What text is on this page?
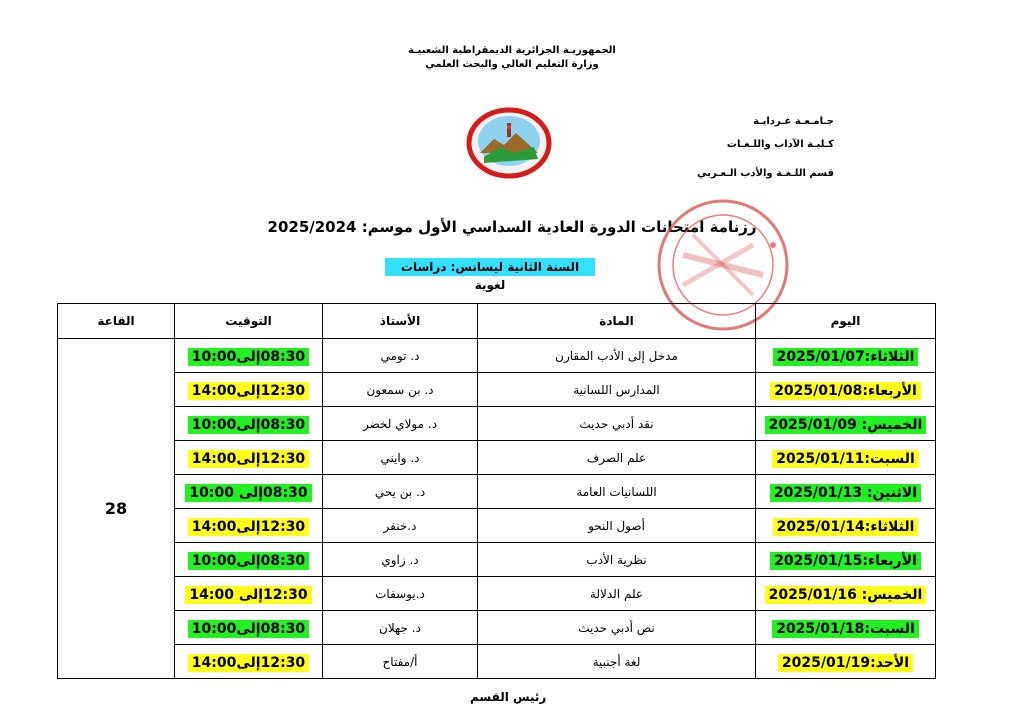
الجمهوريـة الجزائرية الديمقراطية الشعبيـة
وزارة التعليم العالي والبحث العلمي
جـامـعـة غـردايـة
كـليـة الآداب واللـغـات
قسم اللـغـة والأدب الـعـربي
رزنامة امتحانات الدورة العادية السداسي الأول موسم: 2025/2024
السنة الثانية ليسانس: دراسات لغوية
اليوم	المادة	الأستاذ	التوقيت	القاعة
الثلاثاء:2025/01/07	مدخل إلى الأدب المقارن	د. تومي	08:30إلى10:00	28
الأربعاء:2025/01/08	المدارس اللسانية	د. بن سمعون	12:30إلى14:00	
الخميس: 2025/01/09	نقد أدبي حديث	د. مولاي لخضر	08:30إلى10:00	
السبت:2025/01/11	علم الصرف	د. وايني	12:30إلى14:00	
الاثنين: 2025/01/13	اللسانيات العامة	د. بن يحي	08:30إلى 10:00	
الثلاثاء:2025/01/14	أصول النحو	د.خنفر	12:30إلى14:00	
الأربعاء:2025/01/15	نظرية الأدب	د. زاوي	08:30إلى10:00	
الخميس: 2025/01/16	علم الدلالة	د.يوسفات	12:30إلى 14:00	
السبت:2025/01/18	نص أدبي حديث	د. جهلان	08:30إلى10:00	
الأحد:2025/01/19	لغة أجنبية	أ/مفتاح	12:30إلى14:00	
رئيس القسم
